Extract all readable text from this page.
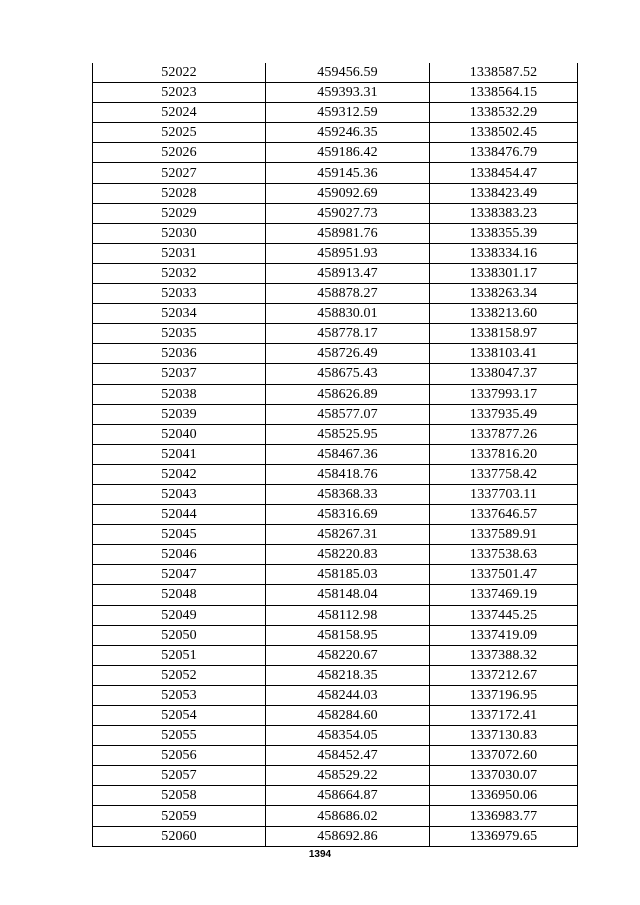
52022	459456.59	1338587.52
52023	459393.31	1338564.15
52024	459312.59	1338532.29
52025	459246.35	1338502.45
52026	459186.42	1338476.79
52027	459145.36	1338454.47
52028	459092.69	1338423.49
52029	459027.73	1338383.23
52030	458981.76	1338355.39
52031	458951.93	1338334.16
52032	458913.47	1338301.17
52033	458878.27	1338263.34
52034	458830.01	1338213.60
52035	458778.17	1338158.97
52036	458726.49	1338103.41
52037	458675.43	1338047.37
52038	458626.89	1337993.17
52039	458577.07	1337935.49
52040	458525.95	1337877.26
52041	458467.36	1337816.20
52042	458418.76	1337758.42
52043	458368.33	1337703.11
52044	458316.69	1337646.57
52045	458267.31	1337589.91
52046	458220.83	1337538.63
52047	458185.03	1337501.47
52048	458148.04	1337469.19
52049	458112.98	1337445.25
52050	458158.95	1337419.09
52051	458220.67	1337388.32
52052	458218.35	1337212.67
52053	458244.03	1337196.95
52054	458284.60	1337172.41
52055	458354.05	1337130.83
52056	458452.47	1337072.60
52057	458529.22	1337030.07
52058	458664.87	1336950.06
52059	458686.02	1336983.77
52060	458692.86	1336979.65
1394
